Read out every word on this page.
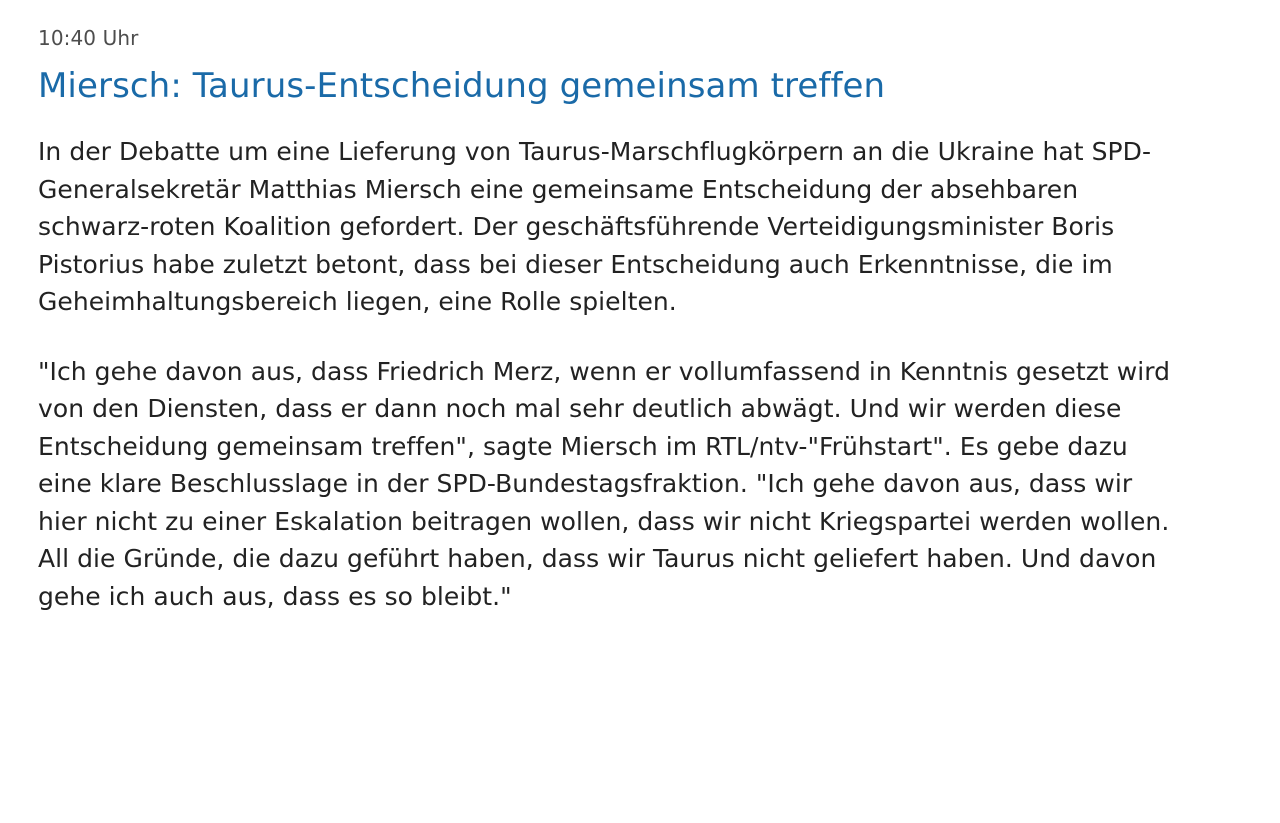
10:40 Uhr
Miersch: Taurus-Entscheidung gemeinsam treffen

In der Debatte um eine Lieferung von Taurus-Marschflugkörpern an die Ukraine hat SPD-Generalsekretär Matthias Miersch eine gemeinsame Entscheidung der absehbaren schwarz-roten Koalition gefordert. Der geschäftsführende Verteidigungsminister Boris Pistorius habe zuletzt betont, dass bei dieser Entscheidung auch Erkenntnisse, die im Geheimhaltungsbereich liegen, eine Rolle spielten.

"Ich gehe davon aus, dass Friedrich Merz, wenn er vollumfassend in Kenntnis gesetzt wird von den Diensten, dass er dann noch mal sehr deutlich abwägt. Und wir werden diese Entscheidung gemeinsam treffen", sagte Miersch im RTL/ntv-"Frühstart". Es gebe dazu eine klare Beschlusslage in der SPD-Bundestagsfraktion. "Ich gehe davon aus, dass wir hier nicht zu einer Eskalation beitragen wollen, dass wir nicht Kriegspartei werden wollen. All die Gründe, die dazu geführt haben, dass wir Taurus nicht geliefert haben. Und davon gehe ich auch aus, dass es so bleibt."
